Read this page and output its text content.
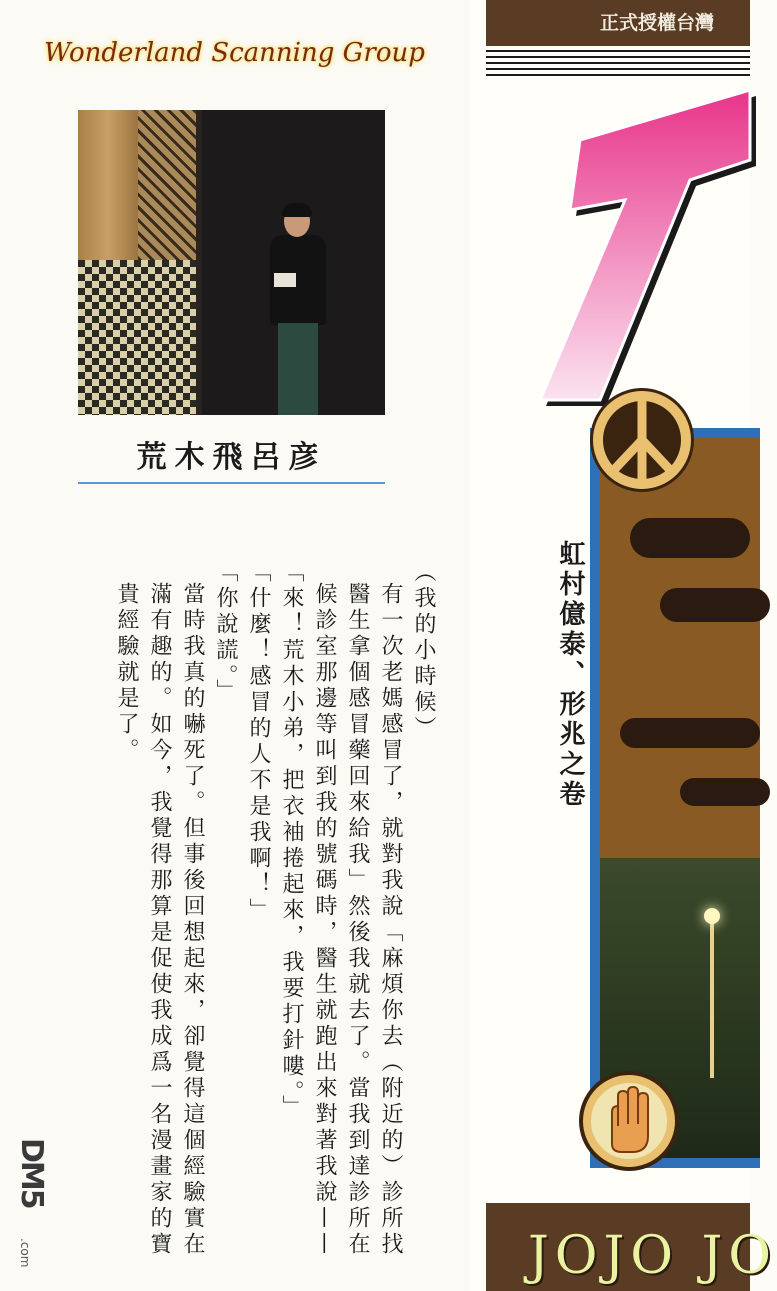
Wonderland Scanning Group
荒木飛呂彦

（我的小時候）

有一次老媽感冒了，就對我說「麻煩你去（附近的）診所找醫生拿個感冒藥回來給我」然後我就去了。當我到達診所在候診室那邊等叫到我的號碼時，醫生就跑出來對著我說——

「來！荒木小弟，把衣袖捲起來，我要打針嘍。」

「什麼！感冒的人不是我啊！」

「你說謊。」

當時我真的嚇死了。但事後回想起來，卻覺得這個經驗實在滿有趣的。如今，我覺得那算是促使我成爲一名漫畫家的寶貴經驗就是了。

DM5
.com
正式授權台灣
虹村億泰、形兆之卷
JOJO JO
